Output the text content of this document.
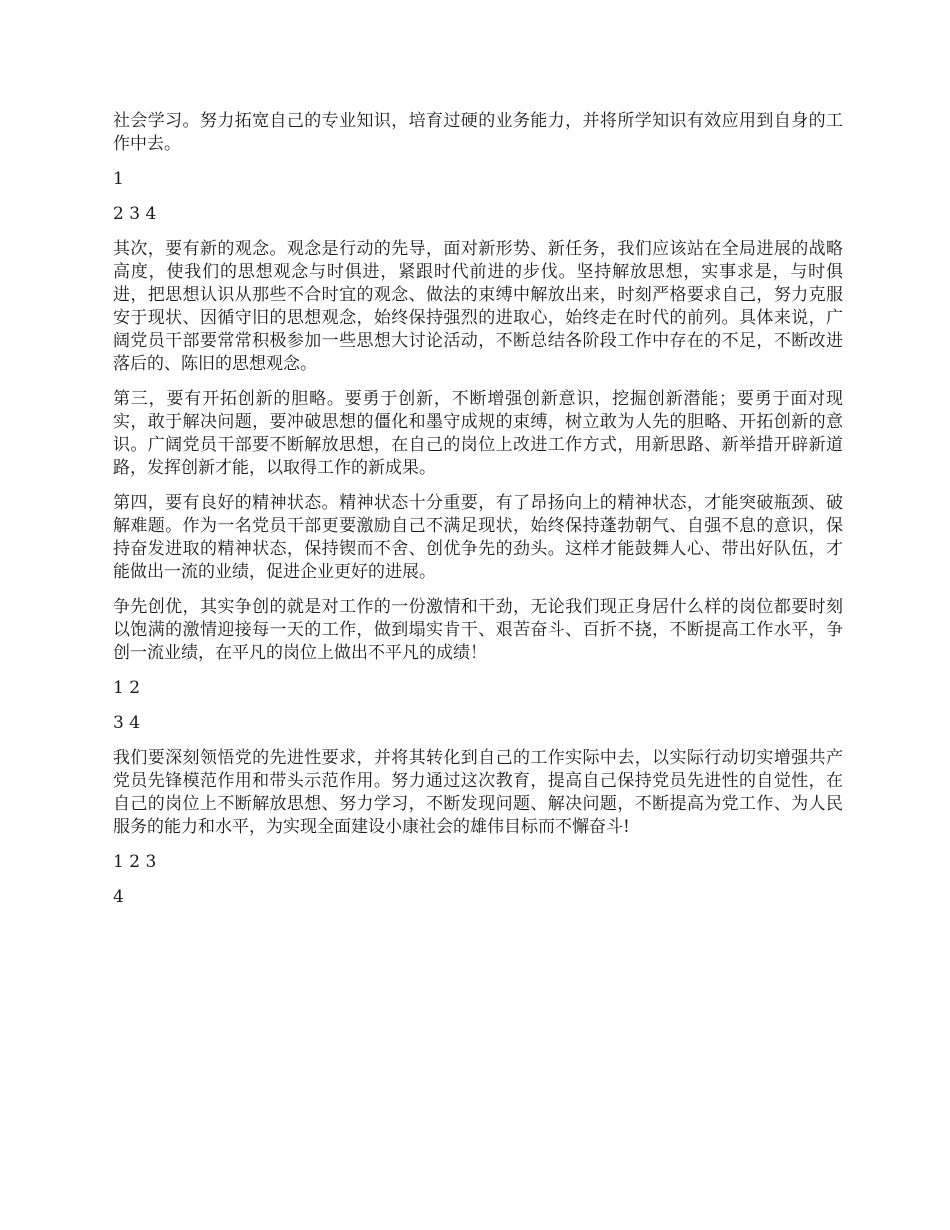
社会学习。努力拓宽自己的专业知识，培育过硬的业务能力，并将所学知识有效应用到自身的工作中去。

1
2 3 4

其次，要有新的观念。观念是行动的先导，面对新形势、新任务，我们应该站在全局进展的战略高度，使我们的思想观念与时俱进，紧跟时代前进的步伐。坚持解放思想，实事求是，与时俱进，把思想认识从那些不合时宜的观念、做法的束缚中解放出来，时刻严格要求自己，努力克服安于现状、因循守旧的思想观念，始终保持强烈的进取心，始终走在时代的前列。具体来说，广阔党员干部要常常积极参加一些思想大讨论活动，不断总结各阶段工作中存在的不足，不断改进落后的、陈旧的思想观念。

第三，要有开拓创新的胆略。要勇于创新，不断增强创新意识，挖掘创新潜能；要勇于面对现实，敢于解决问题，要冲破思想的僵化和墨守成规的束缚，树立敢为人先的胆略、开拓创新的意识。广阔党员干部要不断解放思想，在自己的岗位上改进工作方式，用新思路、新举措开辟新道路，发挥创新才能，以取得工作的新成果。

第四，要有良好的精神状态。精神状态十分重要，有了昂扬向上的精神状态，才能突破瓶颈、破解难题。作为一名党员干部更要激励自己不满足现状，始终保持蓬勃朝气、自强不息的意识，保持奋发进取的精神状态，保持锲而不舍、创优争先的劲头。这样才能鼓舞人心、带出好队伍，才能做出一流的业绩，促进企业更好的进展。

争先创优，其实争创的就是对工作的一份激情和干劲，无论我们现正身居什么样的岗位都要时刻以饱满的激情迎接每一天的工作，做到塌实肯干、艰苦奋斗、百折不挠，不断提高工作水平，争创一流业绩，在平凡的岗位上做出不平凡的成绩！

1 2
3 4

我们要深刻领悟党的先进性要求，并将其转化到自己的工作实际中去，以实际行动切实增强共产党员先锋模范作用和带头示范作用。努力通过这次教育，提高自己保持党员先进性的自觉性，在自己的岗位上不断解放思想、努力学习，不断发现问题、解决问题，不断提高为党工作、为人民服务的能力和水平，为实现全面建设小康社会的雄伟目标而不懈奋斗!

1 2 3
4
